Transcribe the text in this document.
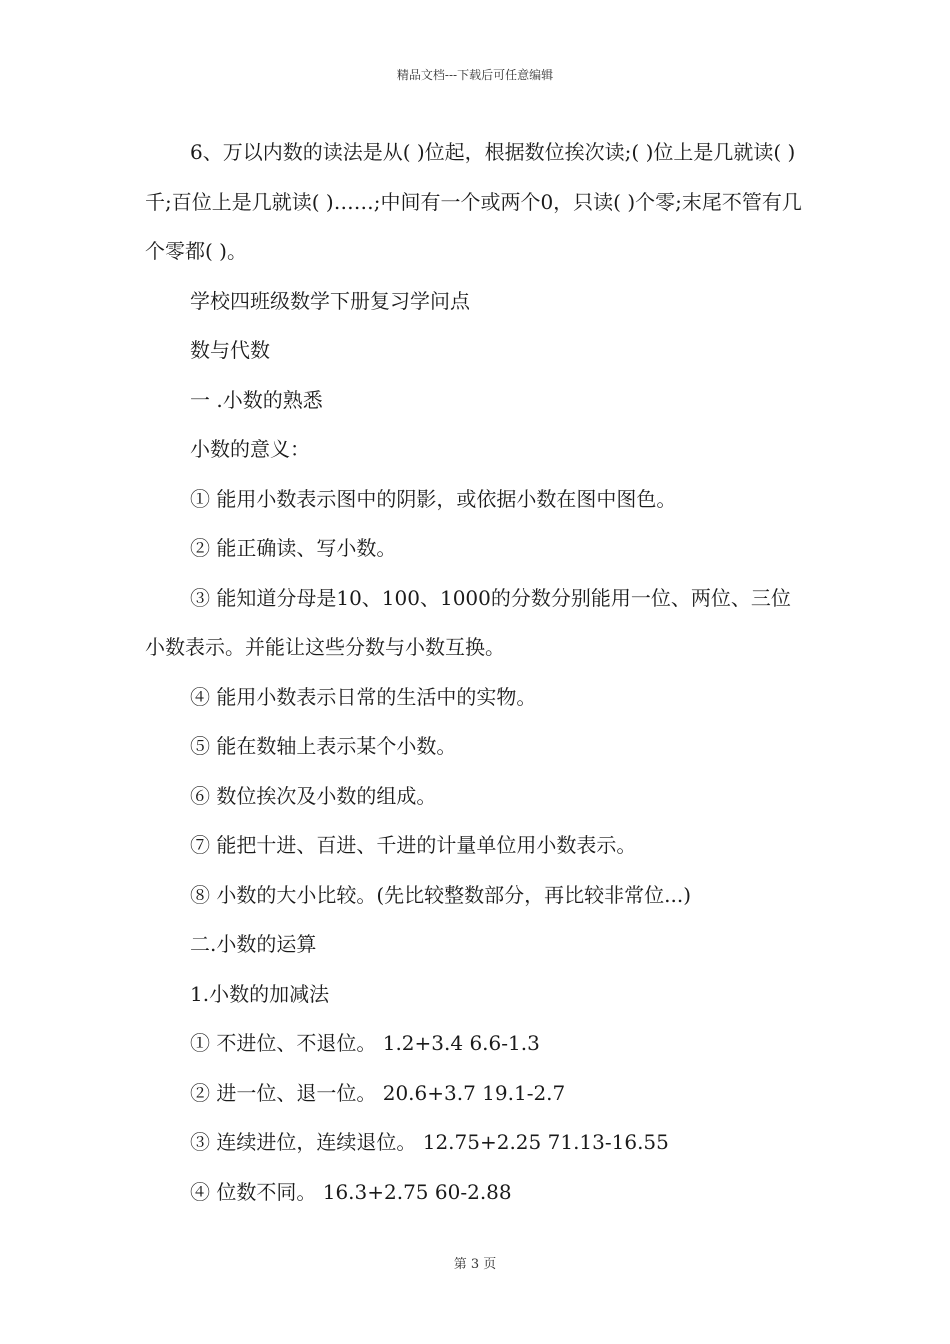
精品文档---下载后可任意编辑

6、万以内数的读法是从( )位起，根据数位挨次读;( )位上是几就读( )千;百位上是几就读( )……;中间有一个或两个0，只读( )个零;末尾不管有几个零都( )。

学校四班级数学下册复习学问点

数与代数

一 .小数的熟悉

小数的意义：

① 能用小数表示图中的阴影，或依据小数在图中图色。

② 能正确读、写小数。

③ 能知道分母是10、100、1000的分数分别能用一位、两位、三位小数表示。并能让这些分数与小数互换。

④ 能用小数表示日常的生活中的实物。

⑤ 能在数轴上表示某个小数。

⑥ 数位挨次及小数的组成。

⑦ 能把十进、百进、千进的计量单位用小数表示。

⑧ 小数的大小比较。(先比较整数部分，再比较非常位...)

二.小数的运算

1.小数的加减法

① 不进位、不退位。 1.2+3.4 6.6-1.3

② 进一位、退一位。 20.6+3.7 19.1-2.7

③ 连续进位，连续退位。 12.75+2.25 71.13-16.55

④ 位数不同。 16.3+2.75 60-2.88

第 3 页
